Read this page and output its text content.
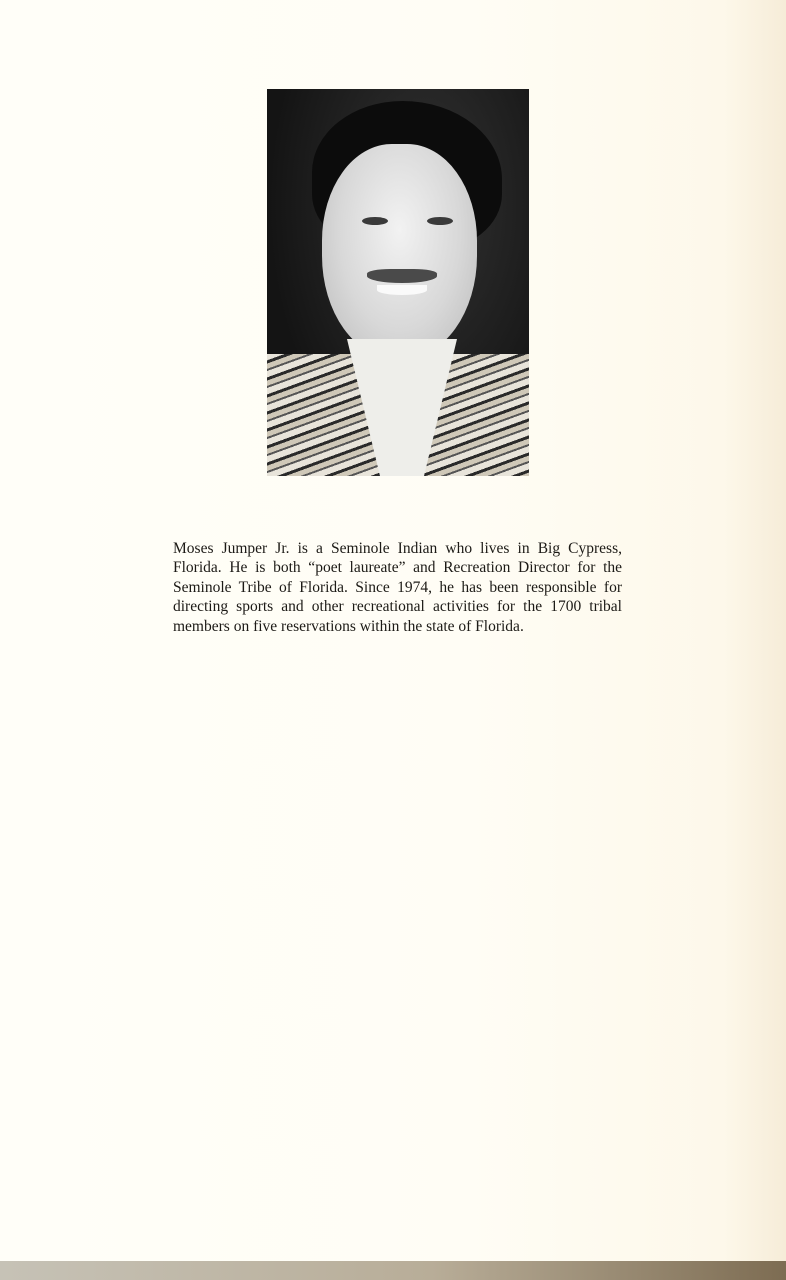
Moses Jumper Jr. is a Seminole Indian who lives in Big Cypress, Florida. He is both “poet laureate” and Recreation Director for the Seminole Tribe of Florida. Since 1974, he has been responsible for directing sports and other recreational activities for the 1700 tribal members on five reservations within the state of Florida.
